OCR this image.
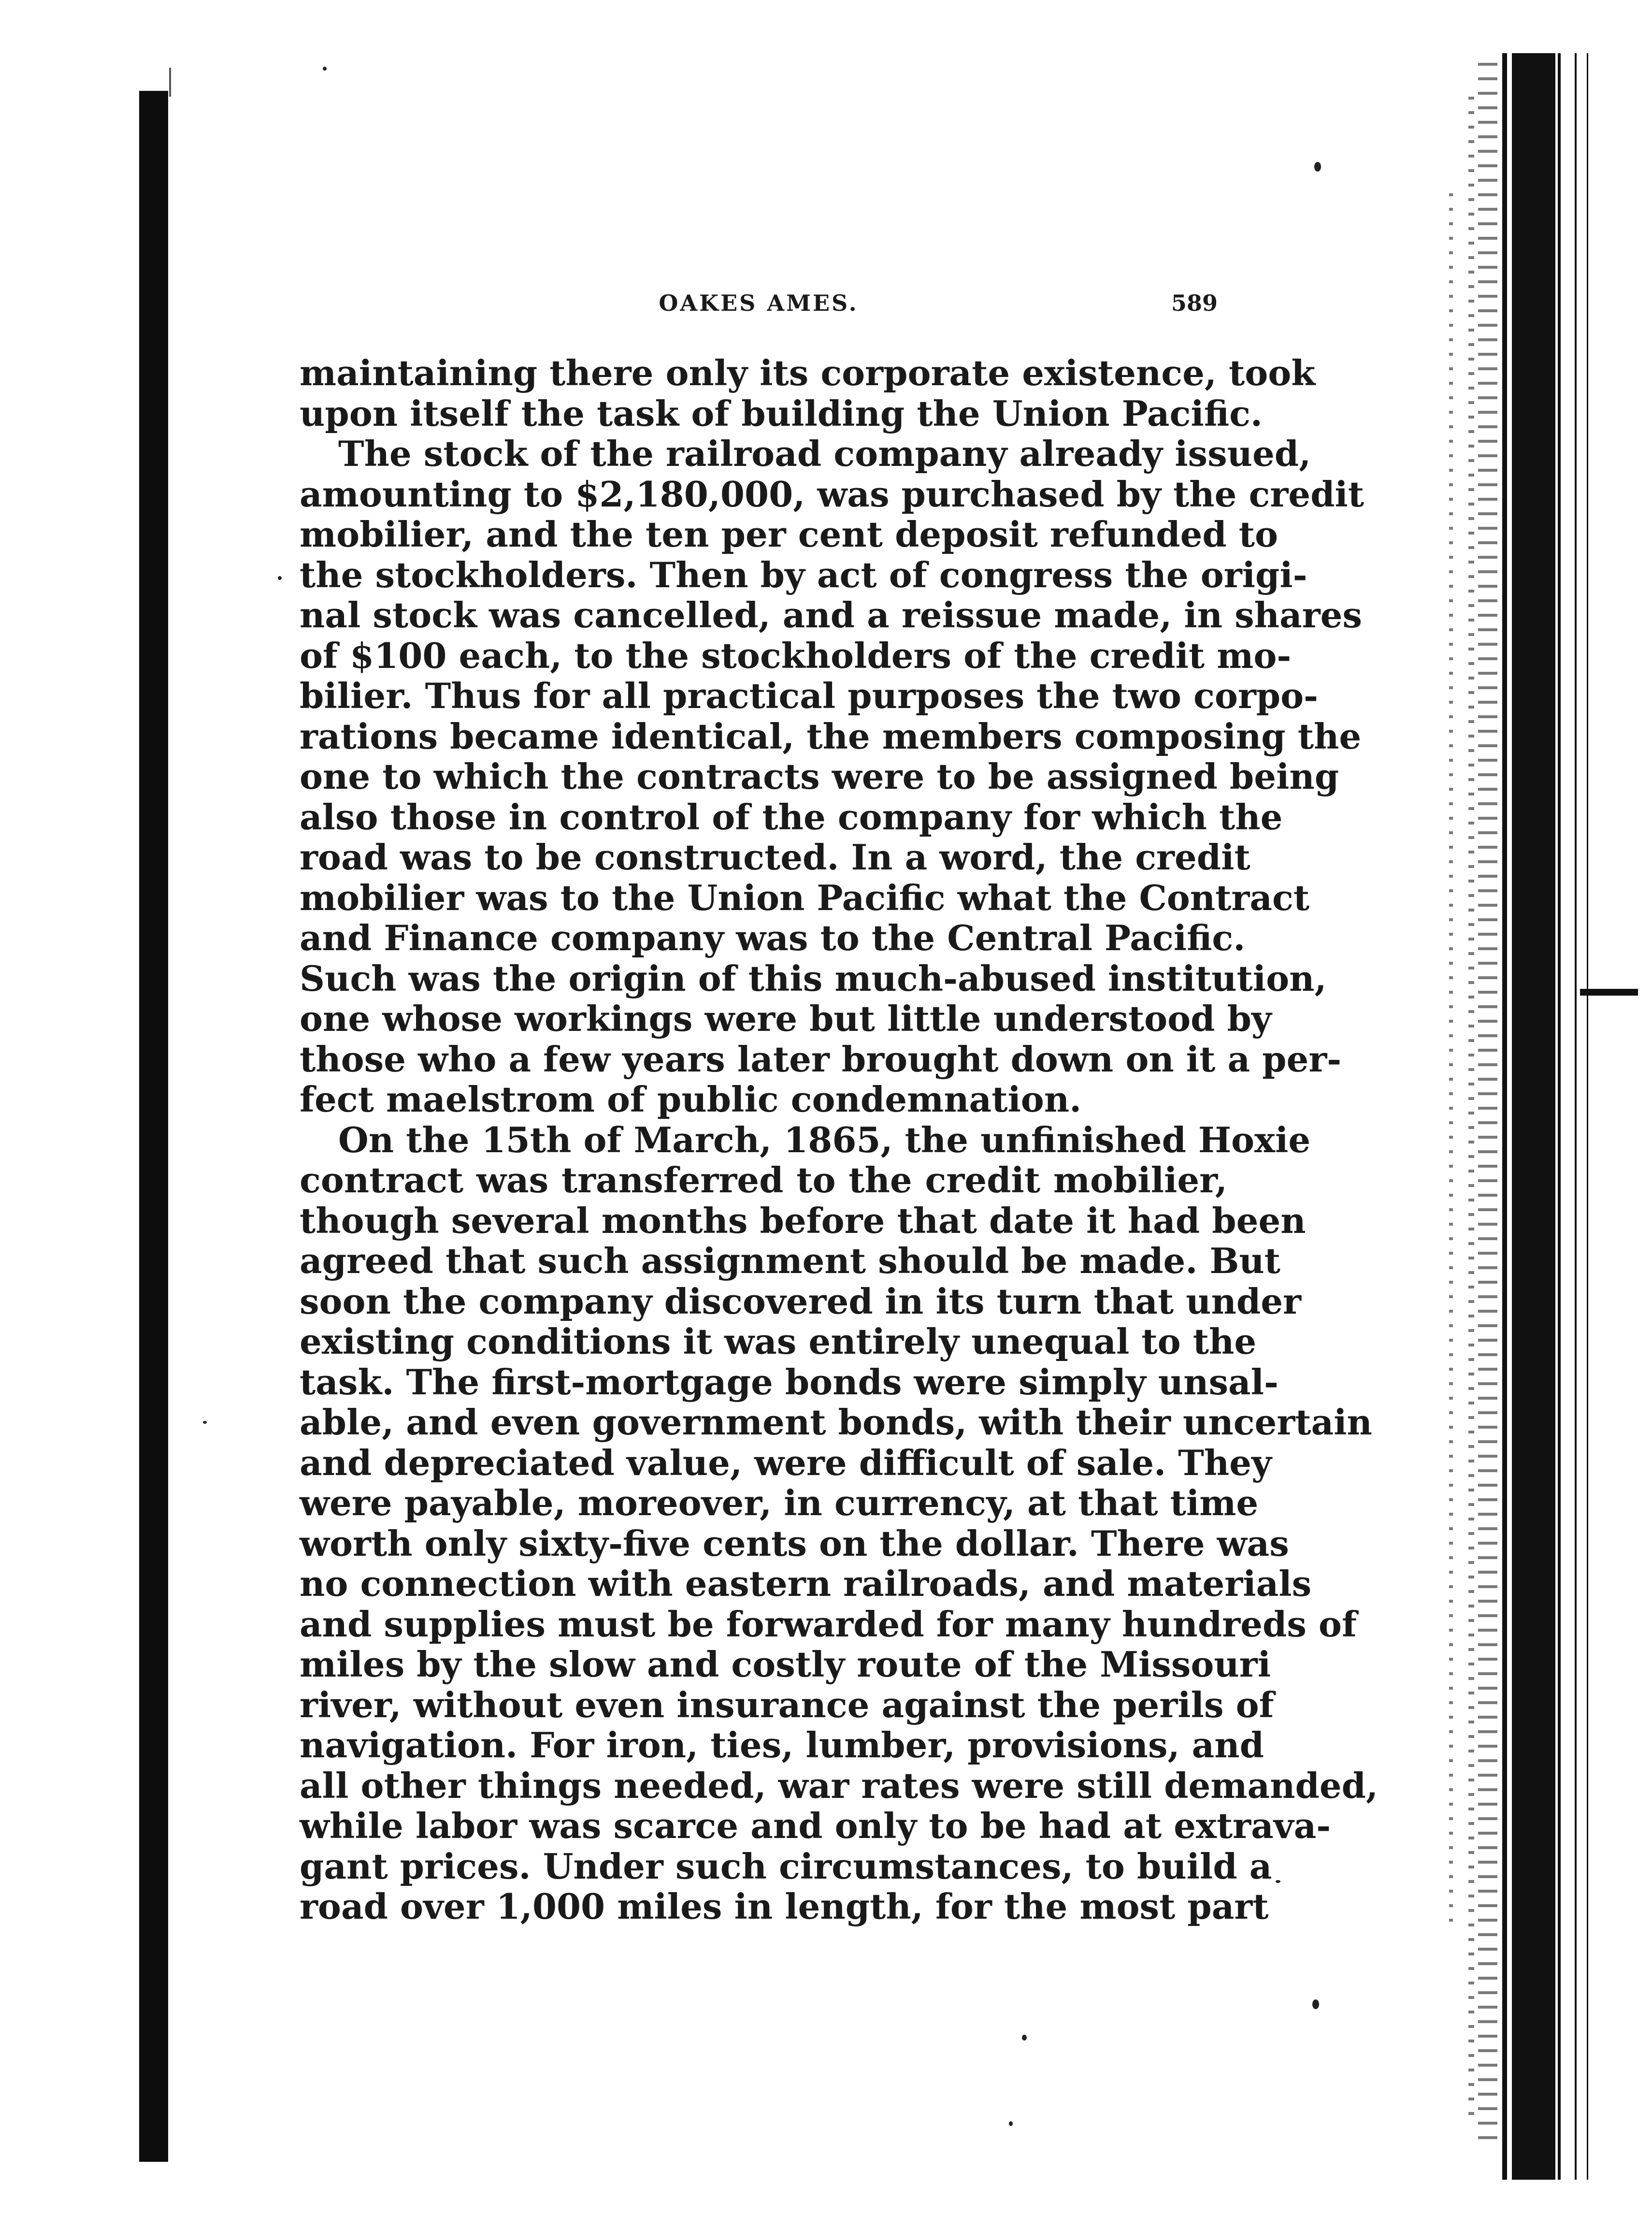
OAKES AMES.	589
maintaining there only its corporate existence, took
upon itself the task of building the Union Pacific.
The stock of the railroad company already issued,
amounting to $2,180,000, was purchased by the credit
mobilier, and the ten per cent deposit refunded to
the stockholders. Then by act of congress the origi-
nal stock was cancelled, and a reissue made, in shares
of $100 each, to the stockholders of the credit mo-
bilier. Thus for all practical purposes the two corpo-
rations became identical, the members composing the
one to which the contracts were to be assigned being
also those in control of the company for which the
road was to be constructed. In a word, the credit
mobilier was to the Union Pacific what the Contract
and Finance company was to the Central Pacific.
Such was the origin of this much-abused institution,
one whose workings were but little understood by
those who a few years later brought down on it a per-
fect maelstrom of public condemnation.
On the 15th of March, 1865, the unfinished Hoxie
contract was transferred to the credit mobilier,
though several months before that date it had been
agreed that such assignment should be made. But
soon the company discovered in its turn that under
existing conditions it was entirely unequal to the
task. The first-mortgage bonds were simply unsal-
able, and even government bonds, with their uncertain
and depreciated value, were difficult of sale. They
were payable, moreover, in currency, at that time
worth only sixty-five cents on the dollar. There was
no connection with eastern railroads, and materials
and supplies must be forwarded for many hundreds of
miles by the slow and costly route of the Missouri
river, without even insurance against the perils of
navigation. For iron, ties, lumber, provisions, and
all other things needed, war rates were still demanded,
while labor was scarce and only to be had at extrava-
gant prices. Under such circumstances, to build a
road over 1,000 miles in length, for the most part
